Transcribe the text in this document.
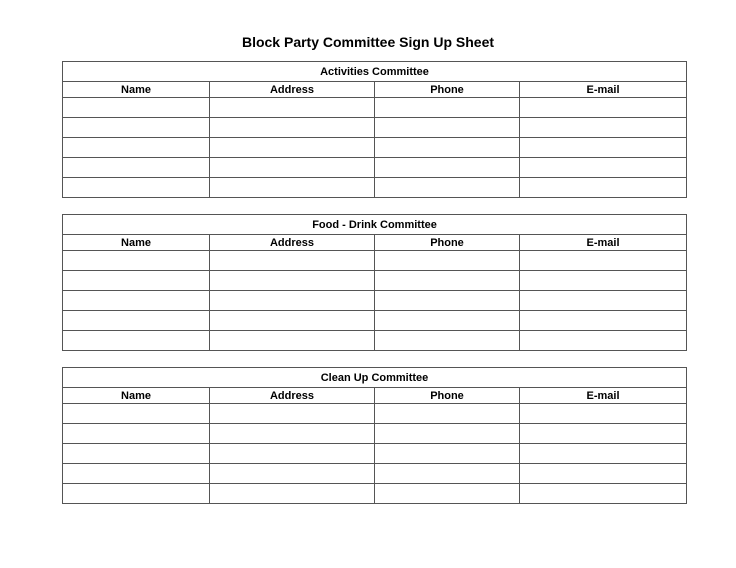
Block Party Committee Sign Up Sheet
Activities Committee			
Name	Address	Phone	E-mail

Food - Drink Committee			
Name	Address	Phone	E-mail

Clean Up Committee			
Name	Address	Phone	E-mail
